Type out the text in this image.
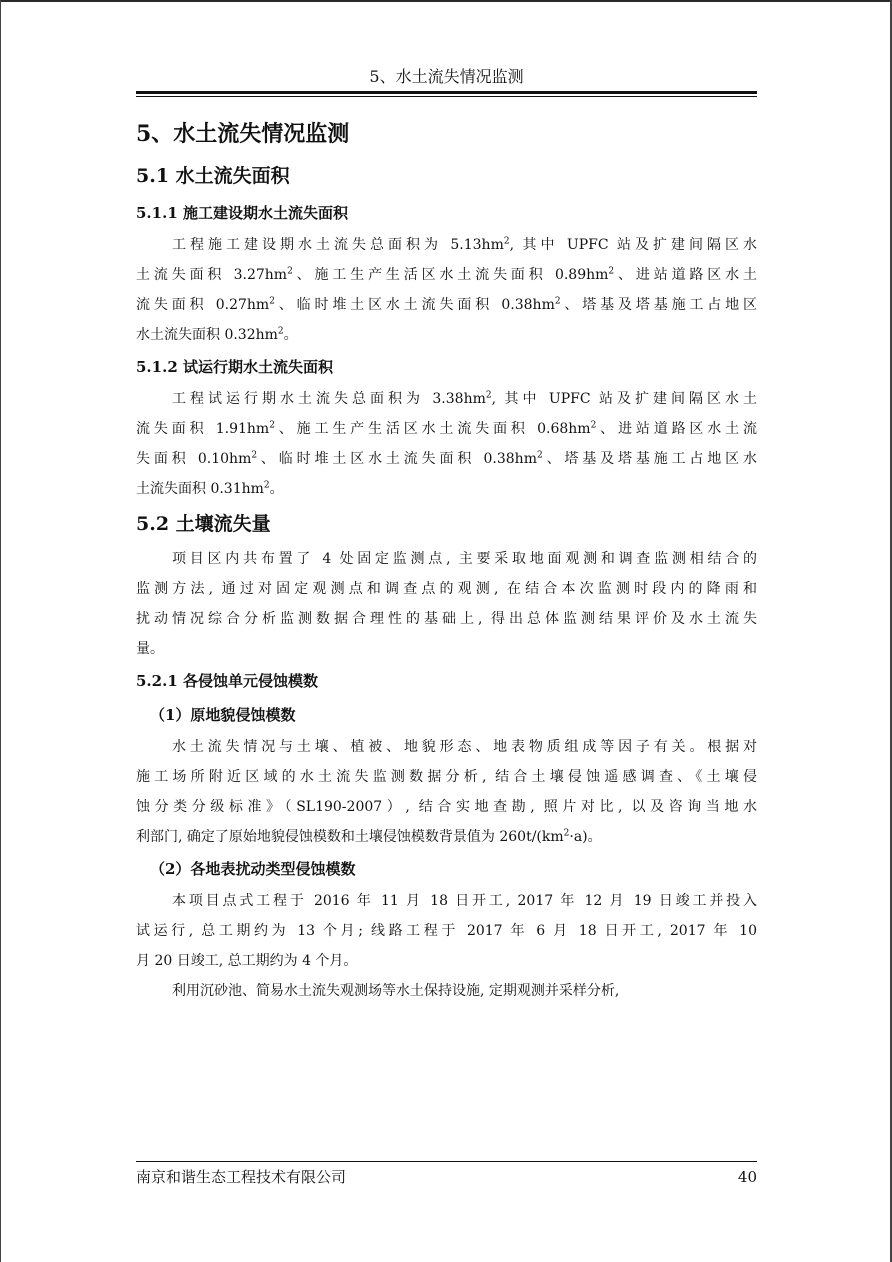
5、水土流失情况监测
5、水土流失情况监测
5.1 水土流失面积
5.1.1 施工建设期水土流失面积
工程施工建设期水土流失总面积为 $5.13hm^2$, 其中 UPFC 站及扩建间隔区水
土流失面积 $3.27hm^2$、施工生产生活区水土流失面积 $0.89hm^2$、进站道路区水土
流失面积 $0.27hm^2$、临时堆土区水土流失面积 $0.38hm^2$、塔基及塔基施工占地区
水土流失面积 $0.32hm^2$。
5.1.2 试运行期水土流失面积
工程试运行期水土流失总面积为 $3.38hm^2$, 其中 UPFC 站及扩建间隔区水土
流失面积 $1.91hm^2$、施工生产生活区水土流失面积 $0.68hm^2$、进站道路区水土流
失面积 $0.10hm^2$、临时堆土区水土流失面积 $0.38hm^2$、塔基及塔基施工占地区水
土流失面积 $0.31hm^2$。
5.2 土壤流失量
项目区内共布置了 4 处固定监测点, 主要采取地面观测和调查监测相结合的
监测方法, 通过对固定观测点和调查点的观测, 在结合本次监测时段内的降雨和
扰动情况综合分析监测数据合理性的基础上, 得出总体监测结果评价及水土流失
量。
5.2.1 各侵蚀单元侵蚀模数
（1）原地貌侵蚀模数
水土流失情况与土壤、植被、地貌形态、地表物质组成等因子有关。根据对
施工场所附近区域的水土流失监测数据分析, 结合土壤侵蚀遥感调查、《土壤侵
蚀分类分级标准》（SL190-2007）, 结合实地查勘, 照片对比, 以及咨询当地水
利部门, 确定了原始地貌侵蚀模数和土壤侵蚀模数背景值为 $260t/(km^2\cdot a)$。
（2）各地表扰动类型侵蚀模数
本项目点式工程于 2016 年 11 月 18 日开工, 2017 年 12 月 19 日竣工并投入
试运行, 总工期约为 13 个月; 线路工程于 2017 年 6 月 18 日开工, 2017 年 10
月 20 日竣工, 总工期约为 4 个月。
利用沉砂池、简易水土流失观测场等水土保持设施, 定期观测并采样分析,
南京和谐生态工程技术有限公司	40
